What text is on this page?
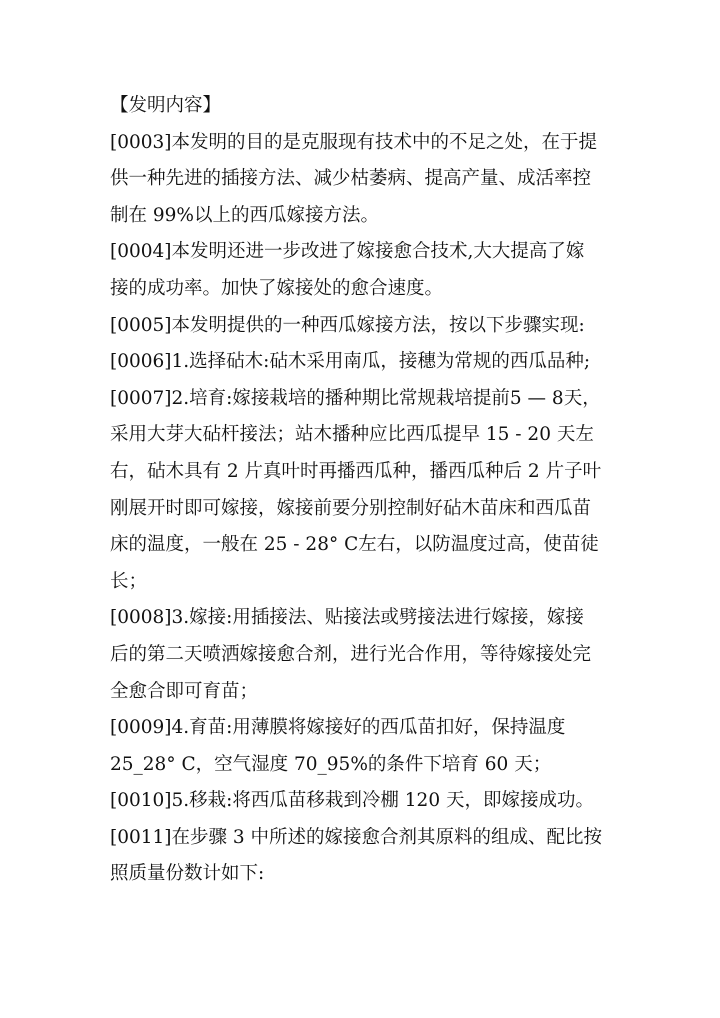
【发明内容】

[0003]本发明的目的是克服现有技术中的不足之处，在于提

供一种先进的插接方法、减少枯萎病、提高产量、成活率控

制在 99%以上的西瓜嫁接方法。

[0004]本发明还进一步改进了嫁接愈合技术,大大提高了嫁

接的成功率。加快了嫁接处的愈合速度。

[0005]本发明提供的一种西瓜嫁接方法，按以下步骤实现:

[0006]1.选择砧木:砧木采用南瓜，接穗为常规的西瓜品种;

[0007]2.培育:嫁接栽培的播种期比常规栽培提前5 — 8天，

采用大芽大砧杆接法；站木播种应比西瓜提早 15 - 20 天左

右，砧木具有 2 片真叶时再播西瓜种，播西瓜种后 2 片子叶

刚展开时即可嫁接，嫁接前要分别控制好砧木苗床和西瓜苗

床的温度，一般在 25 - 28° C左右，以防温度过高，使苗徒

长；

[0008]3.嫁接:用插接法、贴接法或劈接法进行嫁接，嫁接

后的第二天喷洒嫁接愈合剂，进行光合作用，等待嫁接处完

全愈合即可育苗；

[0009]4.育苗:用薄膜将嫁接好的西瓜苗扣好，保持温度

25_28° C，空气湿度 70_95%的条件下培育 60 天；

[0010]5.移栽:将西瓜苗移栽到冷棚 120 天，即嫁接成功。

[0011]在步骤 3 中所述的嫁接愈合剂其原料的组成、配比按

照质量份数计如下:
